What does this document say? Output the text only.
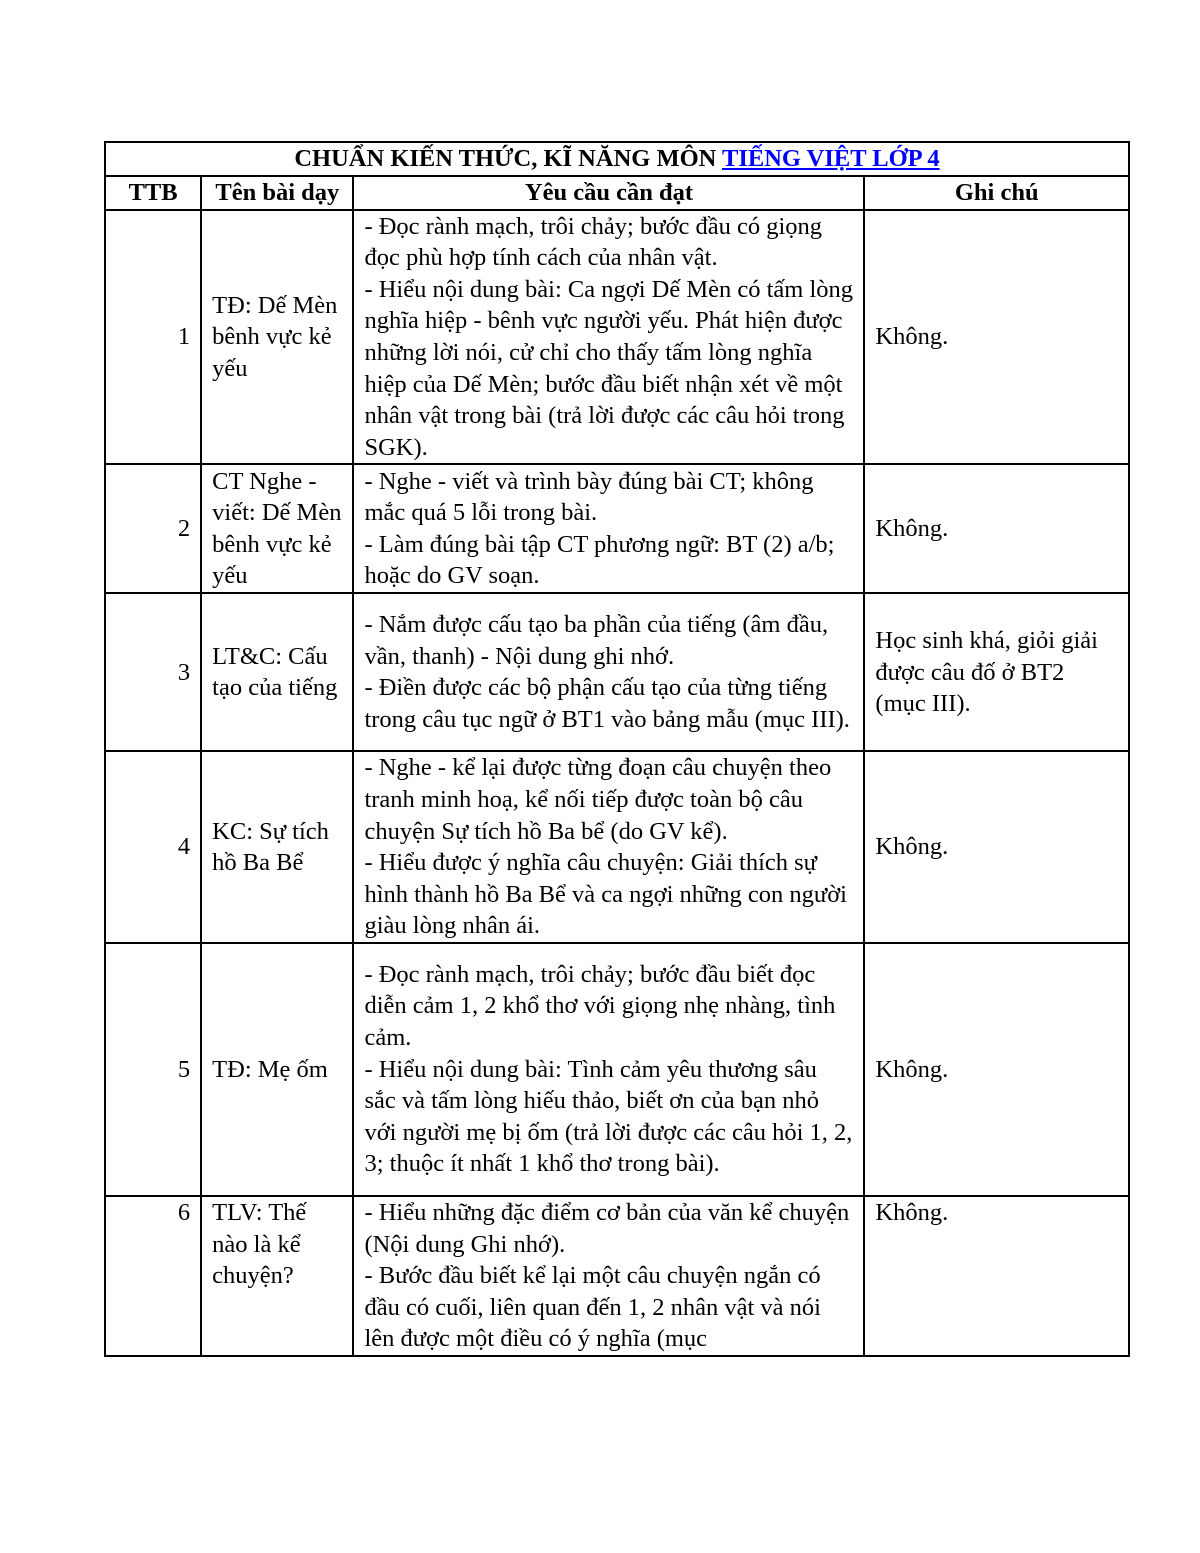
CHUẨN KIẾN THỨC, KĨ NĂNG MÔN TIẾNG VIỆT LỚP 4			
TTB	Tên bài dạy	Yêu cầu cần đạt	Ghi chú
1	TĐ: Dế Mèn bênh vực kẻ yếu	- Đọc rành mạch, trôi chảy; bước đầu có giọng đọc phù hợp tính cách của nhân vật.
- Hiểu nội dung bài: Ca ngợi Dế Mèn có tấm lòng nghĩa hiệp - bênh vực người yếu. Phát hiện được những lời nói, cử chỉ cho thấy tấm lòng nghĩa hiệp của Dế Mèn; bước đầu biết nhận xét về một nhân vật trong bài (trả lời được các câu hỏi trong SGK).	Không.
2	CT Nghe - viết: Dế Mèn bênh vực kẻ yếu	- Nghe - viết và trình bày đúng bài CT; không mắc quá 5 lỗi trong bài.
- Làm đúng bài tập CT phương ngữ: BT (2) a/b; hoặc do GV soạn.	Không.
3	LT&C: Cấu tạo của tiếng	- Nắm được cấu tạo ba phần của tiếng (âm đầu, vần, thanh) - Nội dung ghi nhớ.
- Điền được các bộ phận cấu tạo của từng tiếng trong câu tục ngữ ở BT1 vào bảng mẫu (mục III).	Học sinh khá, giỏi giải được câu đố ở BT2 (mục III).
4	KC: Sự tích hồ Ba Bể	- Nghe - kể lại được từng đoạn câu chuyện theo tranh minh hoạ, kể nối tiếp được toàn bộ câu chuyện Sự tích hồ Ba bể (do GV kể).
- Hiểu được ý nghĩa câu chuyện: Giải thích sự hình thành hồ Ba Bể và ca ngợi những con người giàu lòng nhân ái.	Không.
5	TĐ: Mẹ ốm	- Đọc rành mạch, trôi chảy; bước đầu biết đọc diễn cảm 1, 2 khổ thơ với giọng nhẹ nhàng, tình cảm.
- Hiểu nội dung bài: Tình cảm yêu thương sâu sắc và tấm lòng hiếu thảo, biết ơn của bạn nhỏ với người mẹ bị ốm (trả lời được các câu hỏi 1, 2, 3; thuộc ít nhất 1 khổ thơ trong bài).	Không.
6	TLV: Thế nào là kể chuyện?	- Hiểu những đặc điểm cơ bản của văn kể chuyện (Nội dung Ghi nhớ).
- Bước đầu biết kể lại một câu chuyện ngắn có đầu có cuối, liên quan đến 1, 2 nhân vật và nói lên được một điều có ý nghĩa (mục	Không.
